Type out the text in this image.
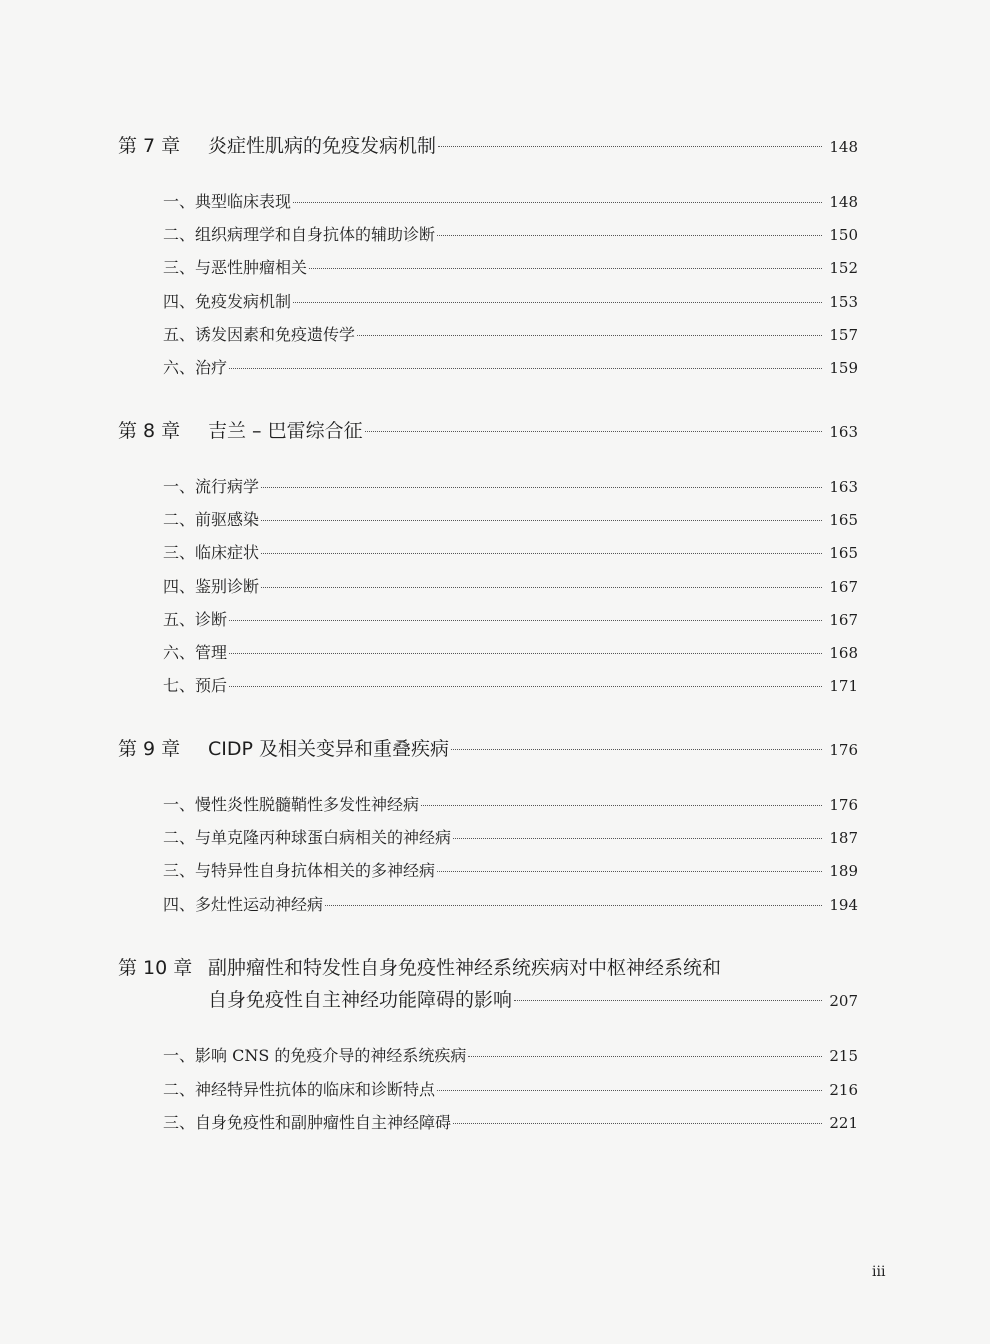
第 7 章	炎症性肌病的免疫发病机制	148
一、典型临床表现	148
二、组织病理学和自身抗体的辅助诊断	150
三、与恶性肿瘤相关	152
四、免疫发病机制	153
五、诱发因素和免疫遗传学	157
六、治疗	159
第 8 章	吉兰 – 巴雷综合征	163
一、流行病学	163
二、前驱感染	165
三、临床症状	165
四、鉴别诊断	167
五、诊断	167
六、管理	168
七、预后	171
第 9 章	CIDP 及相关变异和重叠疾病	176
一、慢性炎性脱髓鞘性多发性神经病	176
二、与单克隆丙种球蛋白病相关的神经病	187
三、与特异性自身抗体相关的多神经病	189
四、多灶性运动神经病	194
第 10 章 副肿瘤性和特发性自身免疫性神经系统疾病对中枢神经系统和
自身免疫性自主神经功能障碍的影响	207
一、影响 CNS 的免疫介导的神经系统疾病	215
二、神经特异性抗体的临床和诊断特点	216
三、自身免疫性和副肿瘤性自主神经障碍	221
iii
